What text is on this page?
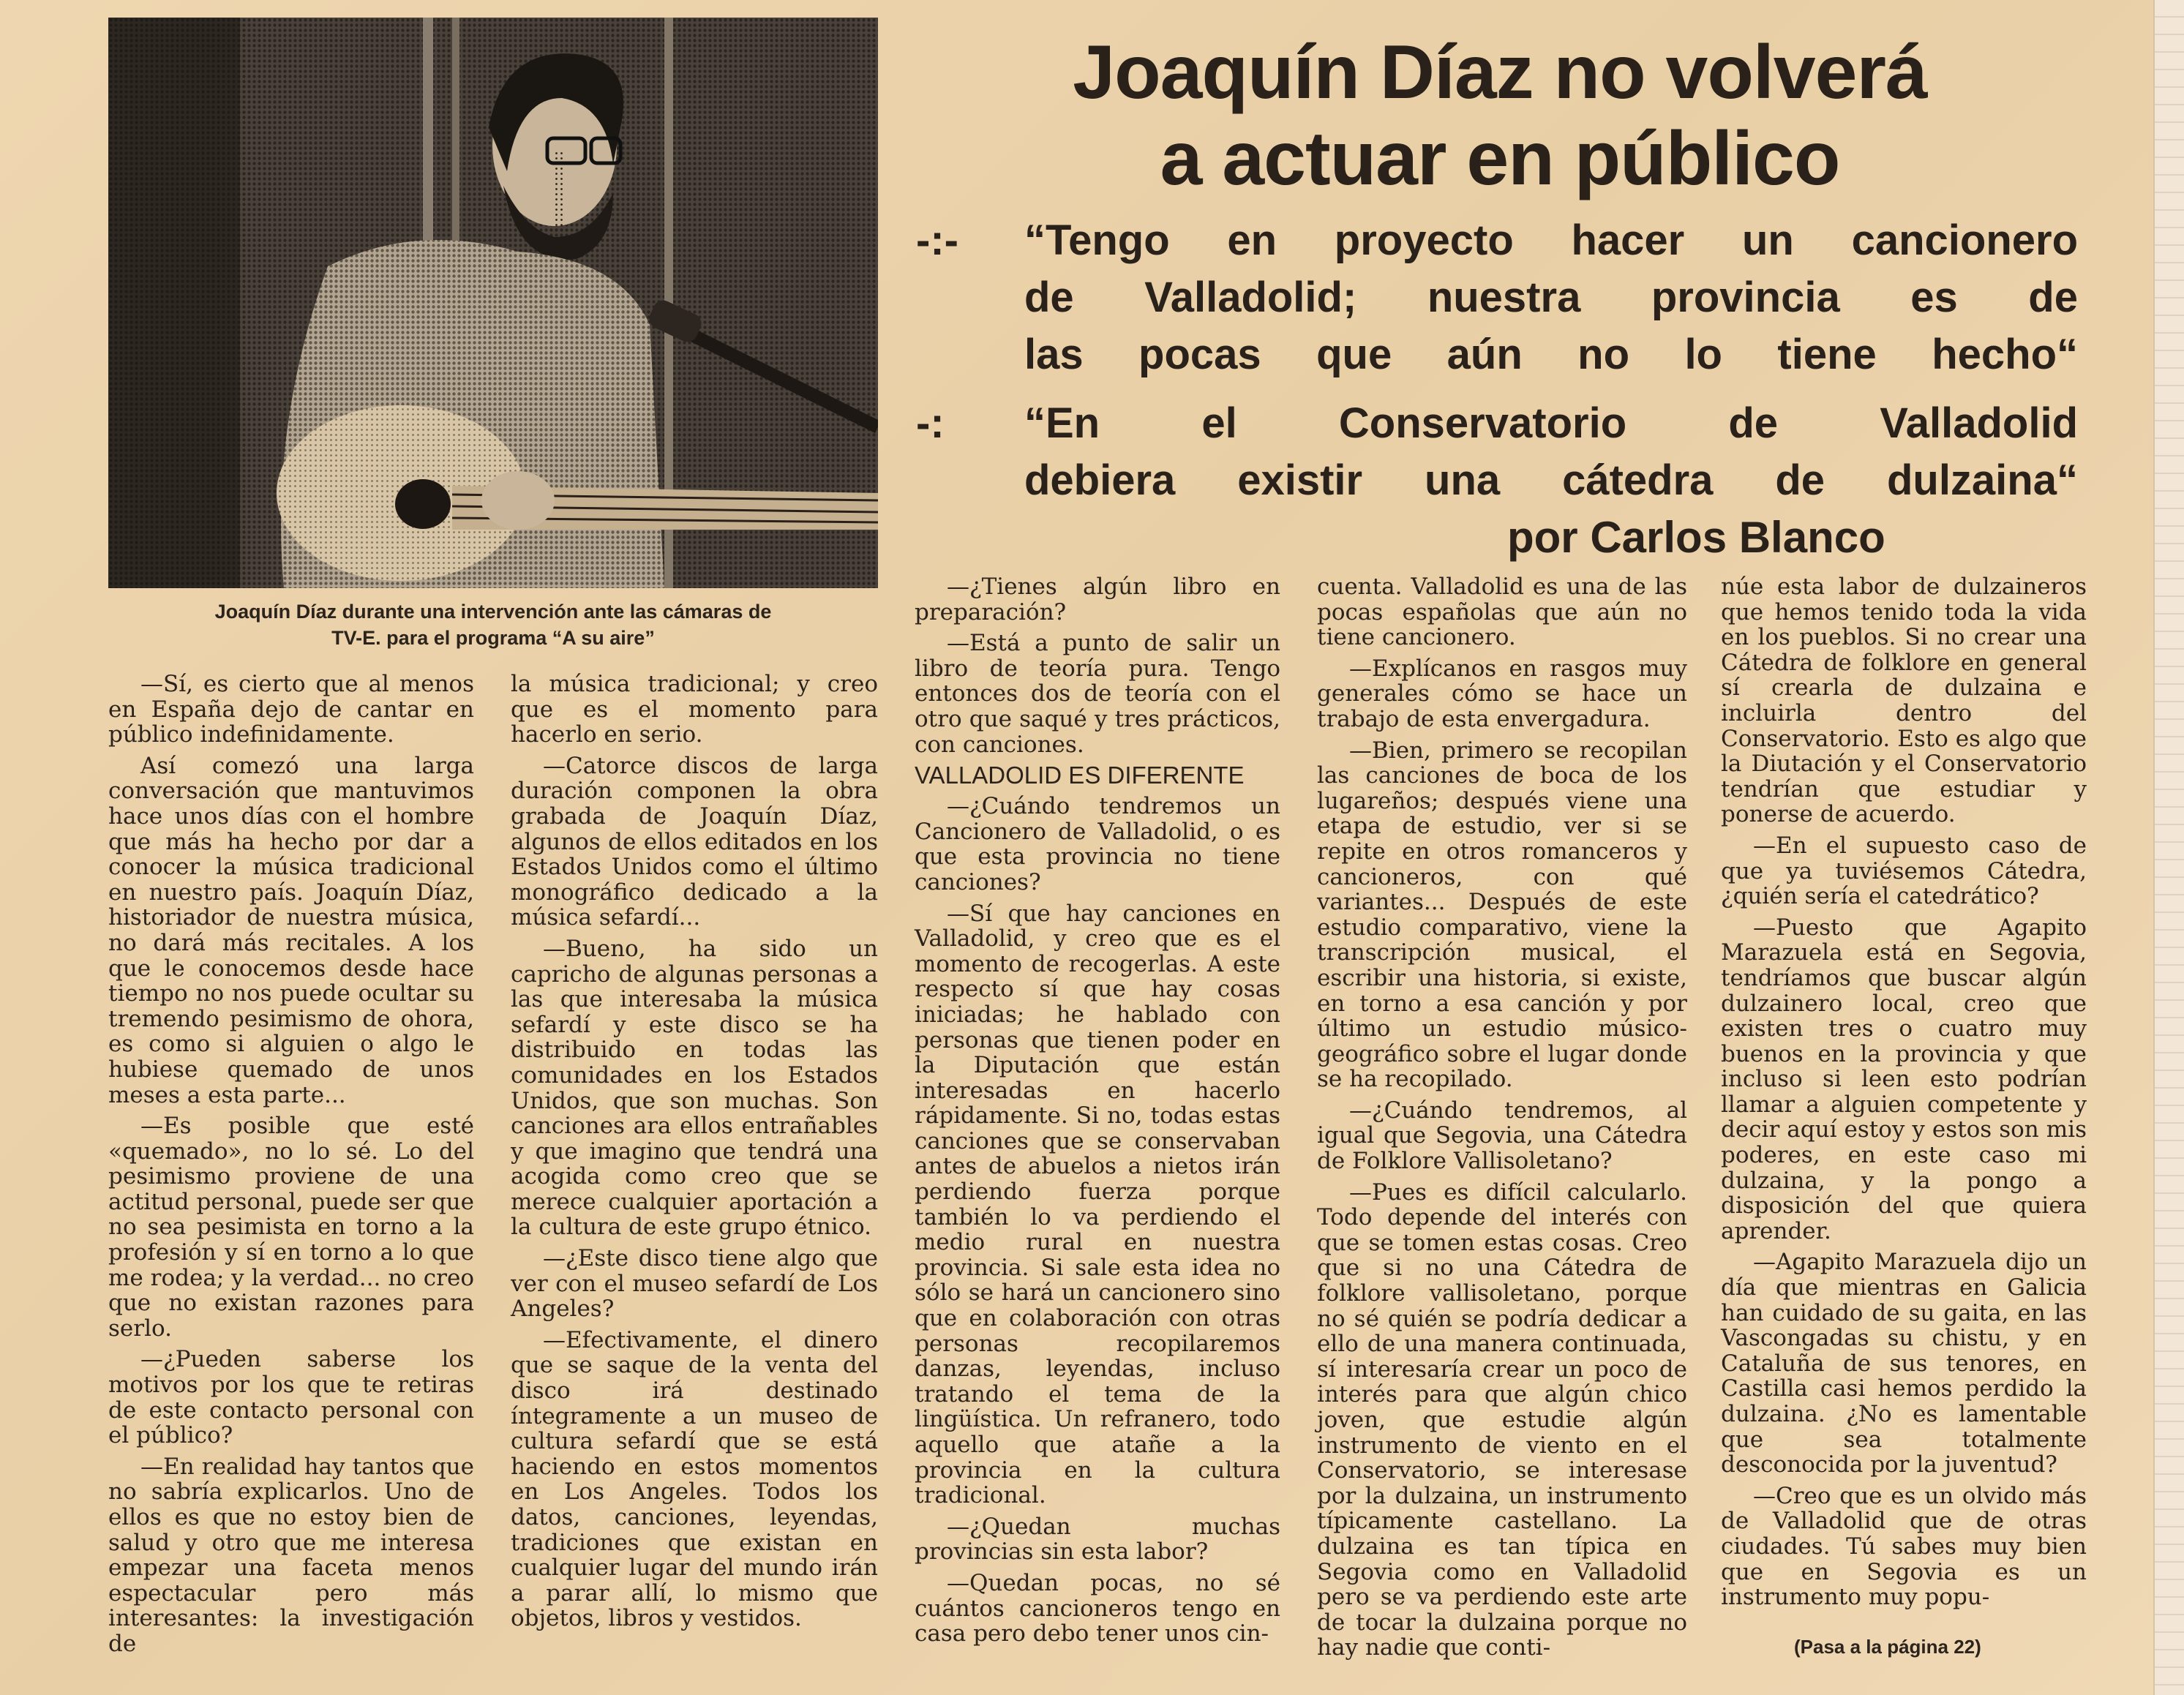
Joaquín Díaz durante una intervención ante las cámaras de
TV-E. para el programa “A su aire”
Joaquín Díaz no volverá
a actuar en público
-:- “Tengo en proyecto hacer un cancionero
de Valladolid; nuestra provincia es de
las pocas que aún no lo tiene hecho“
-: “En el Conservatorio de Valladolid
debiera existir una cátedra de dulzaina“
por Carlos Blanco

—Sí, es cierto que al menos en España dejo de cantar en público indefinidamente.

Así comezó una larga conversación que mantuvimos hace unos días con el hombre que más ha hecho por dar a conocer la música tradicional en nuestro país. Joaquín Díaz, historiador de nuestra música, no dará más recitales. A los que le conocemos desde hace tiempo no nos puede ocultar su tremendo pesimismo de ohora, es como si alguien o algo le hubiese quemado de unos meses a esta parte...

—Es posible que esté «quemado», no lo sé. Lo del pesimismo proviene de una actitud personal, puede ser que no sea pesimista en torno a la profesión y sí en torno a lo que me rodea; y la verdad... no creo que no existan razones para serlo.

—¿Pueden saberse los motivos por los que te retiras de este contacto personal con el público?

—En realidad hay tantos que no sabría explicarlos. Uno de ellos es que no estoy bien de salud y otro que me interesa empezar una faceta menos espectacular pero más interesantes: la investigación de

la música tradicional; y creo que es el momento para hacerlo en serio.

—Catorce discos de larga duración componen la obra grabada de Joaquín Díaz, algunos de ellos editados en los Estados Unidos como el último monográfico dedicado a la música sefardí...

—Bueno, ha sido un capricho de algunas personas a las que interesaba la música sefardí y este disco se ha distribuido en todas las comunidades en los Estados Unidos, que son muchas. Son canciones ara ellos entrañables y que imagino que tendrá una acogida como creo que se merece cualquier aportación a la cultura de este grupo étnico.

—¿Este disco tiene algo que ver con el museo sefardí de Los Angeles?

—Efectivamente, el dinero que se saque de la venta del disco irá destinado íntegramente a un museo de cultura sefardí que se está haciendo en estos momentos en Los Angeles. Todos los datos, canciones, leyendas, tradiciones que existan en cualquier lugar del mundo irán a parar allí, lo mismo que objetos, libros y vestidos.

—¿Tienes algún libro en preparación?

—Está a punto de salir un libro de teoría pura. Tengo entonces dos de teoría con el otro que saqué y tres prácticos, con canciones.

VALLADOLID ES DIFERENTE

—¿Cuándo tendremos un Cancionero de Valladolid, o es que esta provincia no tiene canciones?

—Sí que hay canciones en Valladolid, y creo que es el momento de recogerlas. A este respecto sí que hay cosas iniciadas; he hablado con personas que tienen poder en la Diputación que están interesadas en hacerlo rápidamente. Si no, todas estas canciones que se conservaban antes de abuelos a nietos irán perdiendo fuerza porque también lo va perdiendo el medio rural en nuestra provincia. Si sale esta idea no sólo se hará un cancionero sino que en colaboración con otras personas recopilaremos danzas, leyendas, incluso tratando el tema de la lingüística. Un refranero, todo aquello que atañe a la provincia en la cultura tradicional.

—¿Quedan muchas provincias sin esta labor?

—Quedan pocas, no sé cuántos cancioneros tengo en casa pero debo tener unos cin-

cuenta. Valladolid es una de las pocas españolas que aún no tiene cancionero.

—Explícanos en rasgos muy generales cómo se hace un trabajo de esta envergadura.

—Bien, primero se recopilan las canciones de boca de los lugareños; después viene una etapa de estudio, ver si se repite en otros romanceros y cancioneros, con qué variantes... Después de este estudio comparativo, viene la transcripción musical, el escribir una historia, si existe, en torno a esa canción y por último un estudio músico-geográfico sobre el lugar donde se ha recopilado.

—¿Cuándo tendremos, al igual que Segovia, una Cátedra de Folklore Vallisoletano?

—Pues es difícil calcularlo. Todo depende del interés con que se tomen estas cosas. Creo que si no una Cátedra de folklore vallisoletano, porque no sé quién se podría dedicar a ello de una manera continuada, sí interesaría crear un poco de interés para que algún chico joven, que estudie algún instrumento de viento en el Conservatorio, se interesase por la dulzaina, un instrumento típicamente castellano. La dulzaina es tan típica en Segovia como en Valladolid pero se va perdiendo este arte de tocar la dulzaina porque no hay nadie que conti-

núe esta labor de dulzaineros que hemos tenido toda la vida en los pueblos. Si no crear una Cátedra de folklore en general sí crearla de dulzaina e incluirla dentro del Conservatorio. Esto es algo que la Diutación y el Conservatorio tendrían que estudiar y ponerse de acuerdo.

—En el supuesto caso de que ya tuviésemos Cátedra, ¿quién sería el catedrático?

—Puesto que Agapito Marazuela está en Segovia, tendríamos que buscar algún dulzainero local, creo que existen tres o cuatro muy buenos en la provincia y que incluso si leen esto podrían llamar a alguien competente y decir aquí estoy y estos son mis poderes, en este caso mi dulzaina, y la pongo a disposición del que quiera aprender.

—Agapito Marazuela dijo un día que mientras en Galicia han cuidado de su gaita, en las Vascongadas su chistu, y en Cataluña de sus tenores, en Castilla casi hemos perdido la dulzaina. ¿No es lamentable que sea totalmente desconocida por la juventud?

—Creo que es un olvido más de Valladolid que de otras ciudades. Tú sabes muy bien que en Segovia es un instrumento muy popu-

(Pasa a la página 22)
